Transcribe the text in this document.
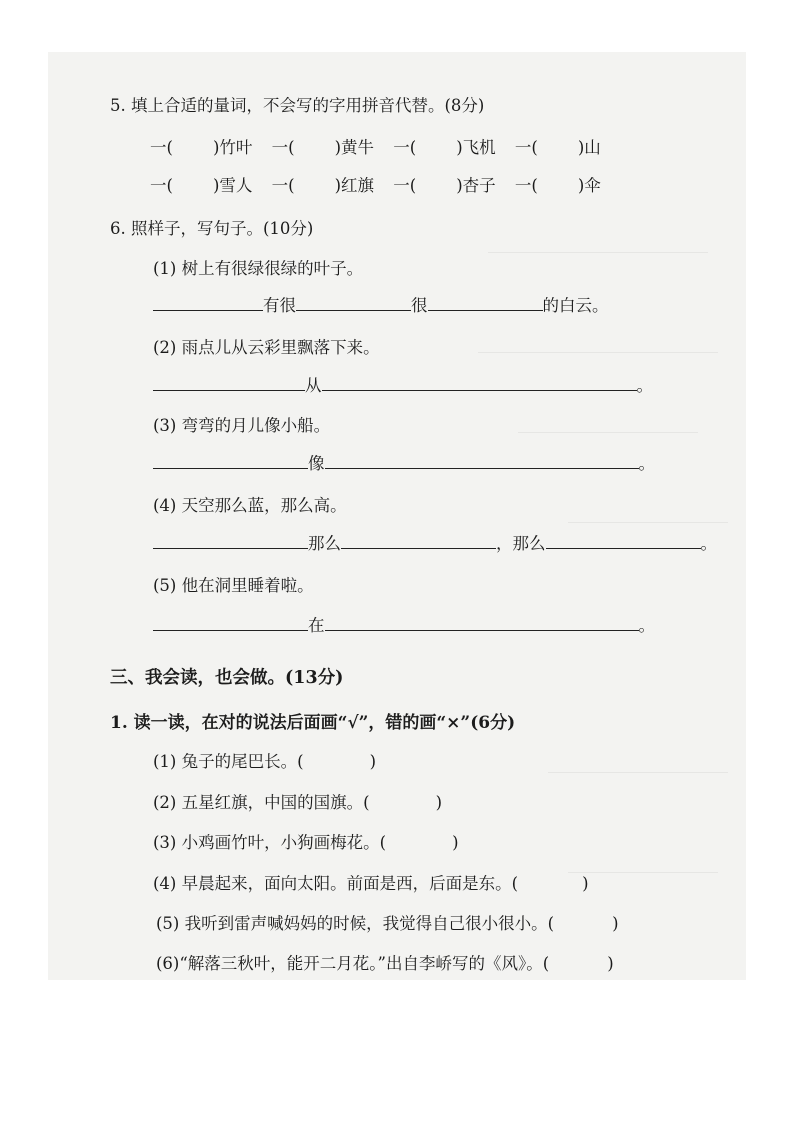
5. 填上合适的量词，不会写的字用拼音代替。(8分)
一( )竹叶 一( )黄牛 一( )飞机 一( )山
一( )雪人 一( )红旗 一( )杏子 一( )伞
6. 照样子，写句子。(10分)
(1) 树上有很绿很绿的叶子。
有很	很	的白云。
(2) 雨点儿从云彩里飘落下来。
从	。
(3) 弯弯的月儿像小船。
像	。
(4) 天空那么蓝，那么高。
那么	，那么	。
(5) 他在洞里睡着啦。
在	。
三、我会读，也会做。(13分)
1. 读一读，在对的说法后面画“√”，错的画“×”(6分)
(1) 兔子的尾巴长。(	)
(2) 五星红旗，中国的国旗。(	)
(3) 小鸡画竹叶，小狗画梅花。(	)
(4) 早晨起来，面向太阳。前面是西，后面是东。(	)
(5) 我听到雷声喊妈妈的时候，我觉得自己很小很小。(	)
(6)“解落三秋叶，能开二月花。”出自李峤写的《风》。(	)
